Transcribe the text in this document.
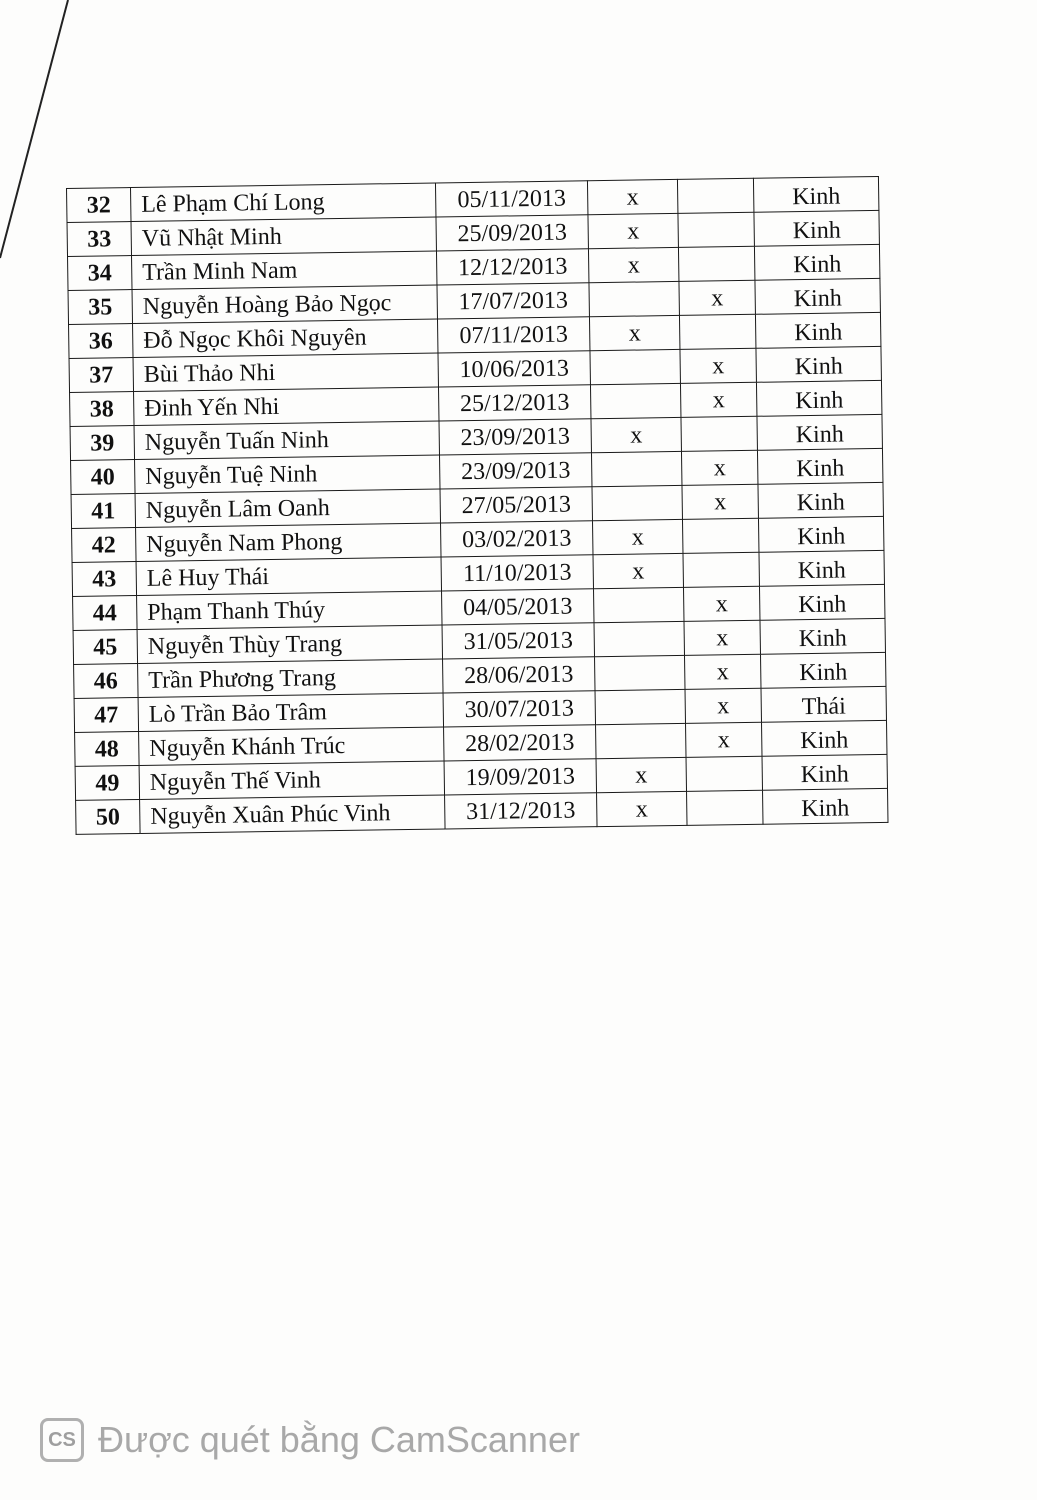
32	Lê Phạm Chí Long	05/11/2013	x		Kinh
33	Vũ Nhật Minh	25/09/2013	x		Kinh
34	Trần Minh Nam	12/12/2013	x		Kinh
35	Nguyễn Hoàng Bảo Ngọc	17/07/2013		x	Kinh
36	Đỗ Ngọc Khôi Nguyên	07/11/2013	x		Kinh
37	Bùi Thảo Nhi	10/06/2013		x	Kinh
38	Đinh Yến Nhi	25/12/2013		x	Kinh
39	Nguyễn Tuấn Ninh	23/09/2013	x		Kinh
40	Nguyễn Tuệ Ninh	23/09/2013		x	Kinh
41	Nguyễn Lâm Oanh	27/05/2013		x	Kinh
42	Nguyễn Nam Phong	03/02/2013	x		Kinh
43	Lê Huy Thái	11/10/2013	x		Kinh
44	Phạm Thanh Thúy	04/05/2013		x	Kinh
45	Nguyễn Thùy Trang	31/05/2013		x	Kinh
46	Trần Phương Trang	28/06/2013		x	Kinh
47	Lò Trần Bảo Trâm	30/07/2013		x	Thái
48	Nguyễn Khánh Trúc	28/02/2013		x	Kinh
49	Nguyễn Thế Vinh	19/09/2013	x		Kinh
50	Nguyễn Xuân Phúc Vinh	31/12/2013	x		Kinh
CS Được quét bằng CamScanner
